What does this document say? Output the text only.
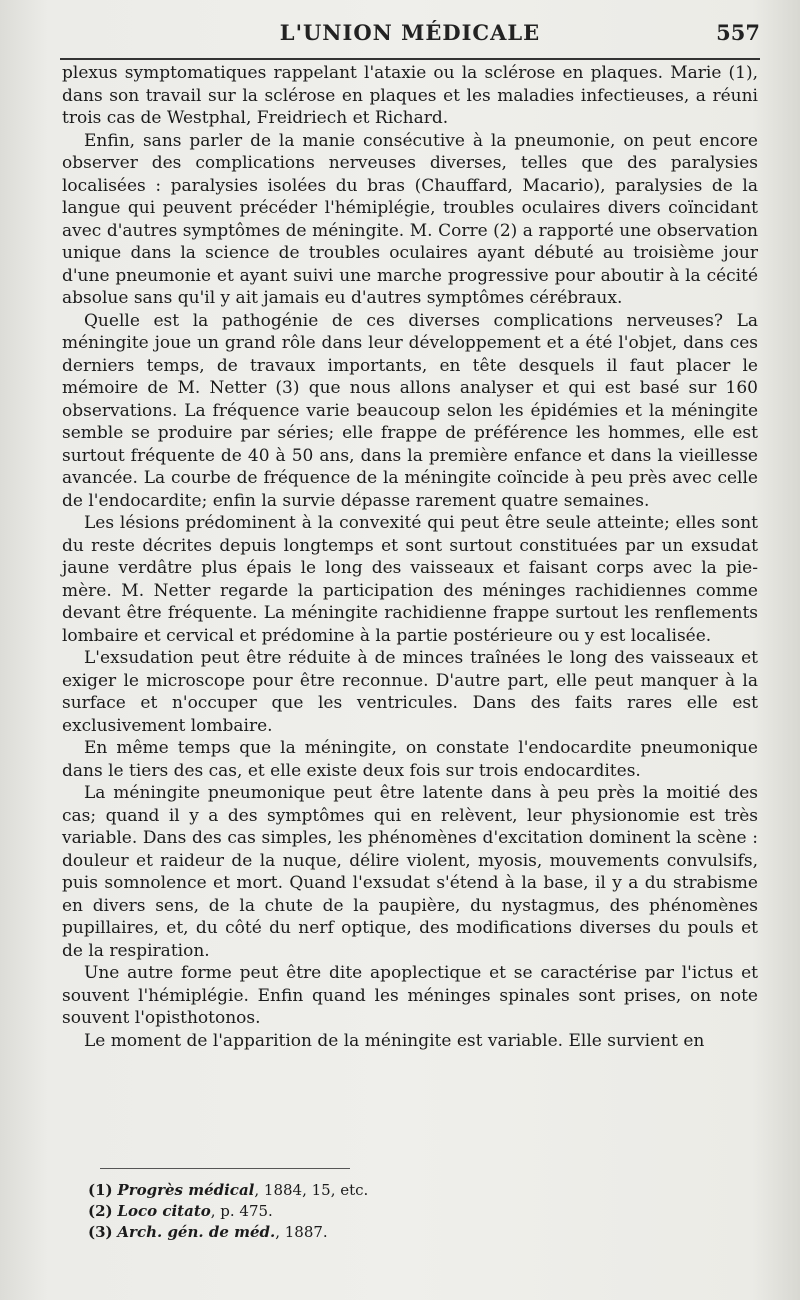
L'UNION MÉDICALE	557

plexus symptomatiques rappelant l'ataxie ou la sclérose en plaques. Marie (1), dans son travail sur la sclérose en plaques et les maladies infectieuses, a réuni trois cas de Westphal, Freidriech et Richard.

Enfin, sans parler de la manie consécutive à la pneumonie, on peut encore observer des complications nerveuses diverses, telles que des paralysies localisées : paralysies isolées du bras (Chauffard, Macario), paralysies de la langue qui peuvent précéder l'hémiplégie, troubles oculaires divers coïncidant avec d'autres symptômes de méningite. M. Corre (2) a rapporté une observation unique dans la science de troubles oculaires ayant débuté au troisième jour d'une pneumonie et ayant suivi une marche progressive pour aboutir à la cécité absolue sans qu'il y ait jamais eu d'autres symptômes cérébraux.

Quelle est la pathogénie de ces diverses complications nerveuses? La méningite joue un grand rôle dans leur développement et a été l'objet, dans ces derniers temps, de travaux importants, en tête desquels il faut placer le mémoire de M. Netter (3) que nous allons analyser et qui est basé sur 160 observations. La fréquence varie beaucoup selon les épidémies et la méningite semble se produire par séries; elle frappe de préférence les hommes, elle est surtout fréquente de 40 à 50 ans, dans la première enfance et dans la vieillesse avancée. La courbe de fréquence de la méningite coïncide à peu près avec celle de l'endocardite; enfin la survie dépasse rarement quatre semaines.

Les lésions prédominent à la convexité qui peut être seule atteinte; elles sont du reste décrites depuis longtemps et sont surtout constituées par un exsudat jaune verdâtre plus épais le long des vaisseaux et faisant corps avec la pie-mère. M. Netter regarde la participation des méninges rachidiennes comme devant être fréquente. La méningite rachidienne frappe surtout les renflements lombaire et cervical et prédomine à la partie postérieure ou y est localisée.

L'exsudation peut être réduite à de minces traînées le long des vaisseaux et exiger le microscope pour être reconnue. D'autre part, elle peut manquer à la surface et n'occuper que les ventricules. Dans des faits rares elle est exclusivement lombaire.

En même temps que la méningite, on constate l'endocardite pneumonique dans le tiers des cas, et elle existe deux fois sur trois endocardites.

La méningite pneumonique peut être latente dans à peu près la moitié des cas; quand il y a des symptômes qui en relèvent, leur physionomie est très variable. Dans des cas simples, les phénomènes d'excitation dominent la scène : douleur et raideur de la nuque, délire violent, myosis, mouvements convulsifs, puis somnolence et mort. Quand l'exsudat s'étend à la base, il y a du strabisme en divers sens, de la chute de la paupière, du nystagmus, des phénomènes pupillaires, et, du côté du nerf optique, des modifications diverses du pouls et de la respiration.

Une autre forme peut être dite apoplectique et se caractérise par l'ictus et souvent l'hémiplégie. Enfin quand les méninges spinales sont prises, on note souvent l'opisthotonos.

Le moment de l'apparition de la méningite est variable. Elle survient en

(1) Progrès médical, 1884, 15, etc.

(2) Loco citato, p. 475.

(3) Arch. gén. de méd., 1887.
